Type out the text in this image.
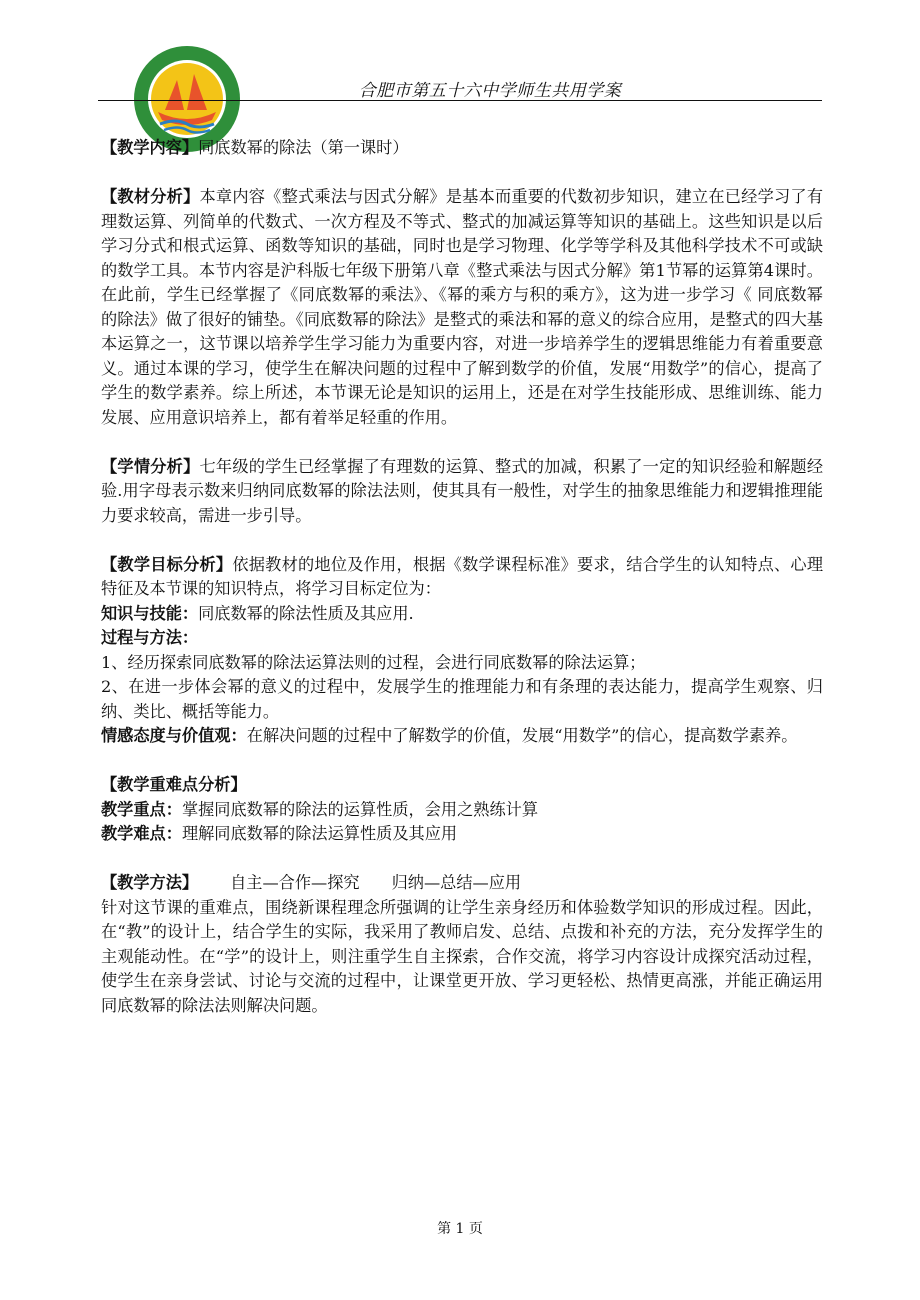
合肥市第五十六中学师生共用学案

【教学内容】同底数幂的除法（第一课时）

【教材分析】本章内容《整式乘法与因式分解》是基本而重要的代数初步知识，建立在已经学习了有理数运算、列简单的代数式、一次方程及不等式、整式的加减运算等知识的基础上。这些知识是以后学习分式和根式运算、函数等知识的基础，同时也是学习物理、化学等学科及其他科学技术不可或缺的数学工具。本节内容是沪科版七年级下册第八章《整式乘法与因式分解》第1节幂的运算第4课时。在此前，学生已经掌握了《同底数幂的乘法》、《幂的乘方与积的乘方》，这为进一步学习《 同底数幂的除法》做了很好的铺垫。《同底数幂的除法》是整式的乘法和幂的意义的综合应用，是整式的四大基本运算之一，这节课以培养学生学习能力为重要内容，对进一步培养学生的逻辑思维能力有着重要意义。通过本课的学习，使学生在解决问题的过程中了解到数学的价值，发展“用数学”的信心，提高了学生的数学素养。综上所述，本节课无论是知识的运用上，还是在对学生技能形成、思维训练、能力发展、应用意识培养上，都有着举足轻重的作用。

【学情分析】七年级的学生已经掌握了有理数的运算、整式的加减，积累了一定的知识经验和解题经验.用字母表示数来归纳同底数幂的除法法则，使其具有一般性，对学生的抽象思维能力和逻辑推理能力要求较高，需进一步引导。

【教学目标分析】依据教材的地位及作用，根据《数学课程标准》要求，结合学生的认知特点、心理特征及本节课的知识特点，将学习目标定位为：

知识与技能：同底数幂的除法性质及其应用.

过程与方法：

1、经历探索同底数幂的除法运算法则的过程，会进行同底数幂的除法运算；

2、在进一步体会幂的意义的过程中，发展学生的推理能力和有条理的表达能力，提高学生观察、归纳、类比、概括等能力。

情感态度与价值观：在解决问题的过程中了解数学的价值，发展“用数学”的信心，提高数学素养。

【教学重难点分析】

教学重点：掌握同底数幂的除法的运算性质，会用之熟练计算

教学难点：理解同底数幂的除法运算性质及其应用

【教学方法】 自主—合作—探究 归纳—总结—应用

针对这节课的重难点，围绕新课程理念所强调的让学生亲身经历和体验数学知识的形成过程。因此，在“教”的设计上，结合学生的实际，我采用了教师启发、总结、点拨和补充的方法，充分发挥学生的主观能动性。在“学”的设计上，则注重学生自主探索，合作交流，将学习内容设计成探究活动过程，使学生在亲身尝试、讨论与交流的过程中，让课堂更开放、学习更轻松、热情更高涨，并能正确运用同底数幂的除法法则解决问题。

第 1 页
